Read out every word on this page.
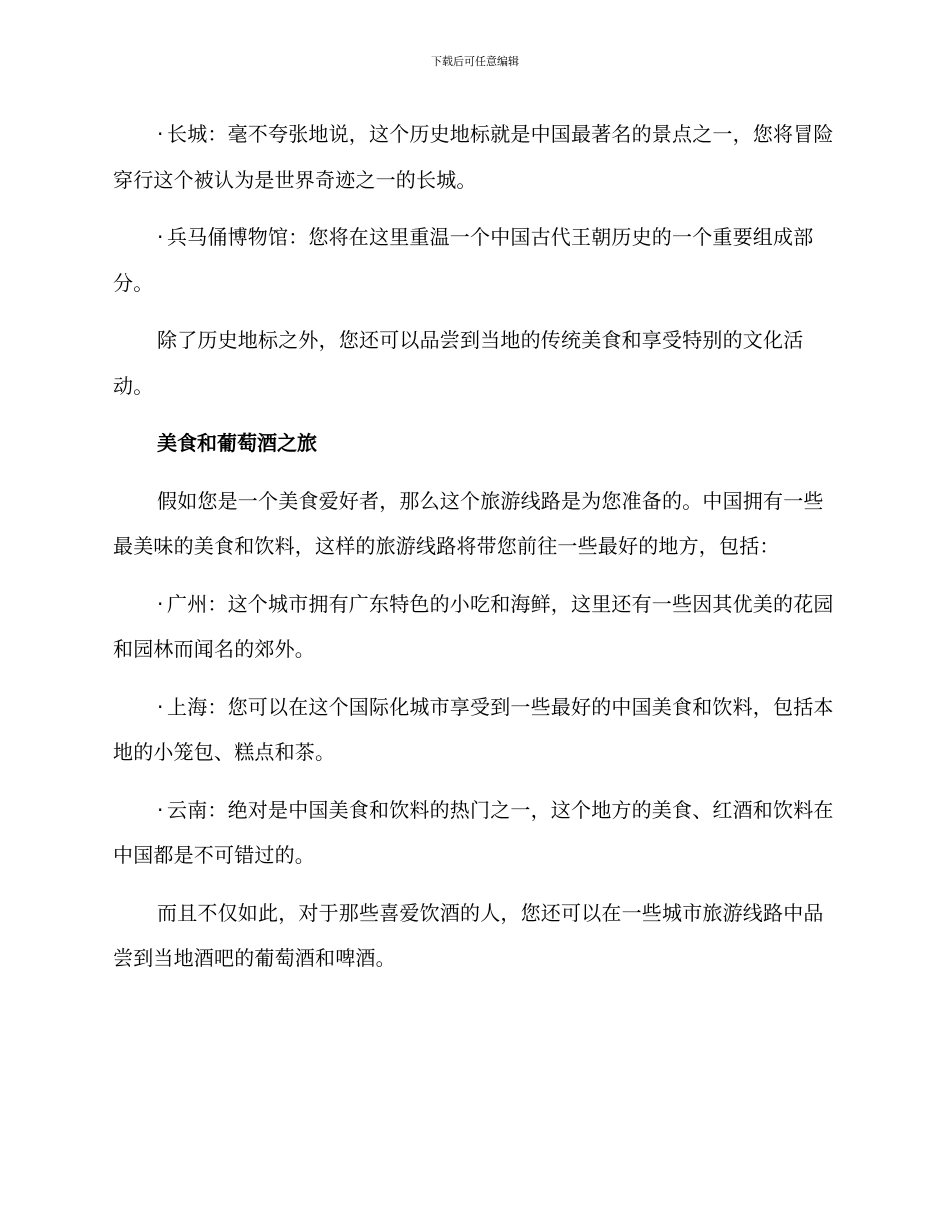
下载后可任意编辑

· 长城：毫不夸张地说，这个历史地标就是中国最著名的景点之一，您将冒险穿行这个被认为是世界奇迹之一的长城。

· 兵马俑博物馆：您将在这里重温一个中国古代王朝历史的一个重要组成部分。

除了历史地标之外，您还可以品尝到当地的传统美食和享受特别的文化活动。

美食和葡萄酒之旅

假如您是一个美食爱好者，那么这个旅游线路是为您准备的。中国拥有一些最美味的美食和饮料，这样的旅游线路将带您前往一些最好的地方，包括：

· 广州：这个城市拥有广东特色的小吃和海鲜，这里还有一些因其优美的花园和园林而闻名的郊外。

· 上海：您可以在这个国际化城市享受到一些最好的中国美食和饮料，包括本地的小笼包、糕点和茶。

· 云南：绝对是中国美食和饮料的热门之一，这个地方的美食、红酒和饮料在中国都是不可错过的。

而且不仅如此，对于那些喜爱饮酒的人，您还可以在一些城市旅游线路中品尝到当地酒吧的葡萄酒和啤酒。
